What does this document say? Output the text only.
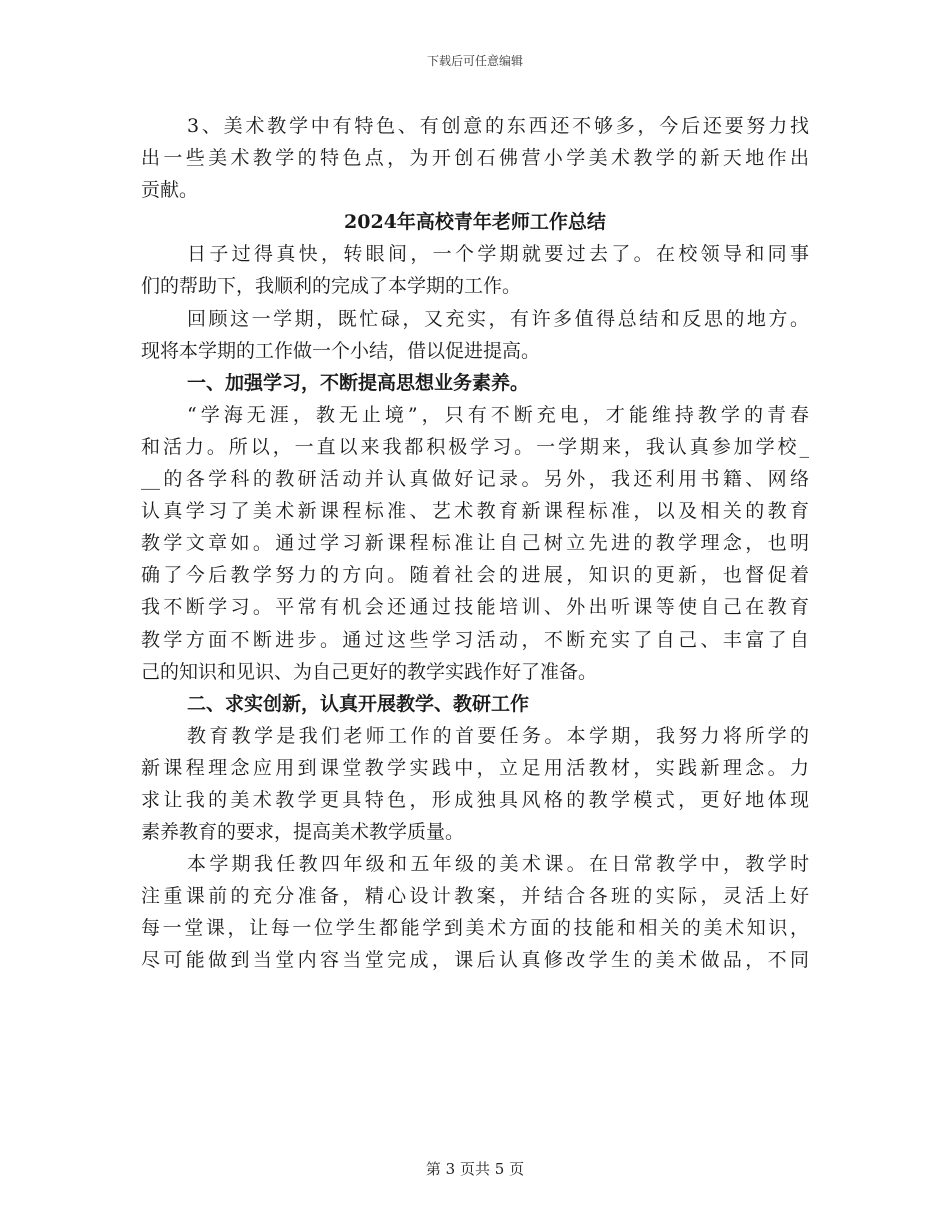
下载后可任意编辑
3、美术教学中有特色、有创意的东西还不够多，今后还要努力找
出一些美术教学的特色点，为开创石佛营小学美术教学的新天地作出
贡献。
2024年高校青年老师工作总结
日子过得真快，转眼间，一个学期就要过去了。在校领导和同事
们的帮助下，我顺利的完成了本学期的工作。
回顾这一学期，既忙碌，又充实，有许多值得总结和反思的地方。
现将本学期的工作做一个小结，借以促进提高。
一、加强学习，不断提高思想业务素养。
“学海无涯，教无止境”，只有不断充电，才能维持教学的青春
和活力。所以，一直以来我都积极学习。一学期来，我认真参加学校_
__的各学科的教研活动并认真做好记录。另外，我还利用书籍、网络
认真学习了美术新课程标准、艺术教育新课程标准，以及相关的教育
教学文章如。通过学习新课程标准让自己树立先进的教学理念，也明
确了今后教学努力的方向。随着社会的进展，知识的更新，也督促着
我不断学习。平常有机会还通过技能培训、外出听课等使自己在教育
教学方面不断进步。通过这些学习活动，不断充实了自己、丰富了自
己的知识和见识、为自己更好的教学实践作好了准备。
二、求实创新，认真开展教学、教研工作
教育教学是我们老师工作的首要任务。本学期，我努力将所学的
新课程理念应用到课堂教学实践中，立足用活教材，实践新理念。力
求让我的美术教学更具特色，形成独具风格的教学模式，更好地体现
素养教育的要求，提高美术教学质量。
本学期我任教四年级和五年级的美术课。在日常教学中，教学时
注重课前的充分准备，精心设计教案，并结合各班的实际，灵活上好
每一堂课，让每一位学生都能学到美术方面的技能和相关的美术知识，
尽可能做到当堂内容当堂完成，课后认真修改学生的美术做品，不同
第 3 页共 5 页
